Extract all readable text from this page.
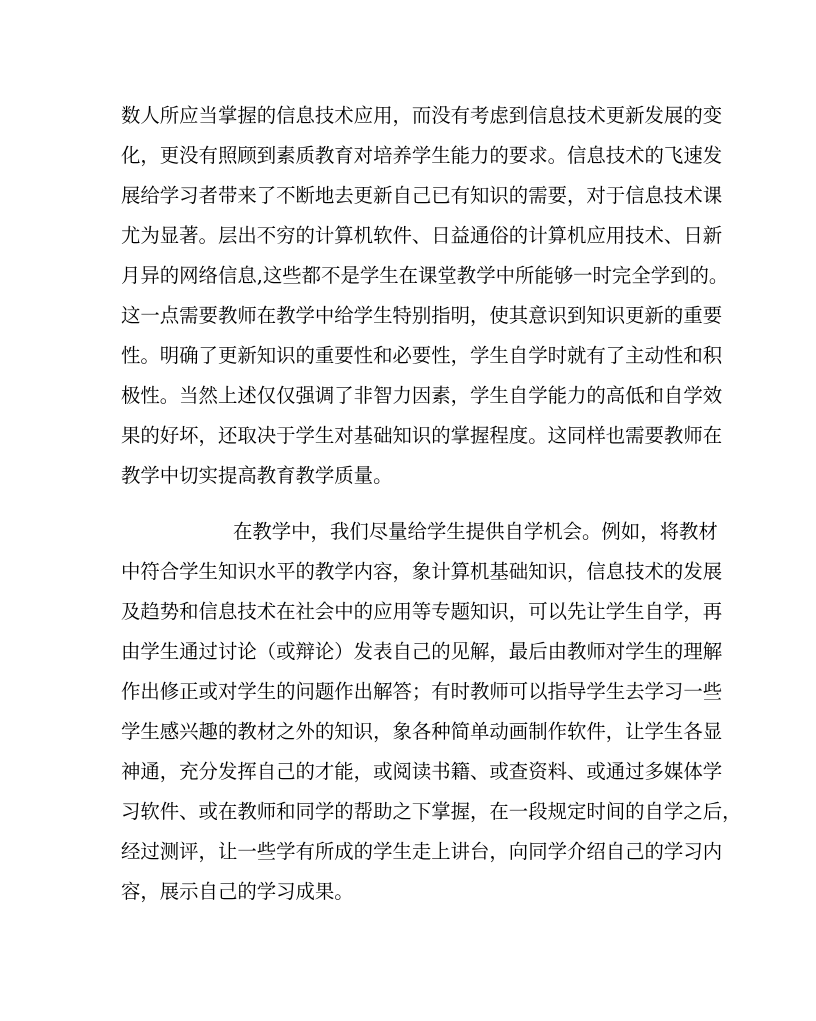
数人所应当掌握的信息技术应用，而没有考虑到信息技术更新发展的变
化，更没有照顾到素质教育对培养学生能力的要求。信息技术的飞速发
展给学习者带来了不断地去更新自己已有知识的需要，对于信息技术课
尤为显著。层出不穷的计算机软件、日益通俗的计算机应用技术、日新
月异的网络信息,这些都不是学生在课堂教学中所能够一时完全学到的。
这一点需要教师在教学中给学生特别指明，使其意识到知识更新的重要
性。明确了更新知识的重要性和必要性，学生自学时就有了主动性和积
极性。当然上述仅仅强调了非智力因素，学生自学能力的高低和自学效
果的好坏，还取决于学生对基础知识的掌握程度。这同样也需要教师在
教学中切实提高教育教学质量。
在教学中，我们尽量给学生提供自学机会。例如，将教材
中符合学生知识水平的教学内容，象计算机基础知识，信息技术的发展
及趋势和信息技术在社会中的应用等专题知识，可以先让学生自学，再
由学生通过讨论（或辩论）发表自己的见解，最后由教师对学生的理解
作出修正或对学生的问题作出解答；有时教师可以指导学生去学习一些
学生感兴趣的教材之外的知识，象各种简单动画制作软件，让学生各显
神通，充分发挥自己的才能，或阅读书籍、或查资料、或通过多媒体学
习软件、或在教师和同学的帮助之下掌握，在一段规定时间的自学之后，
经过测评，让一些学有所成的学生走上讲台，向同学介绍自己的学习内
容，展示自己的学习成果。
